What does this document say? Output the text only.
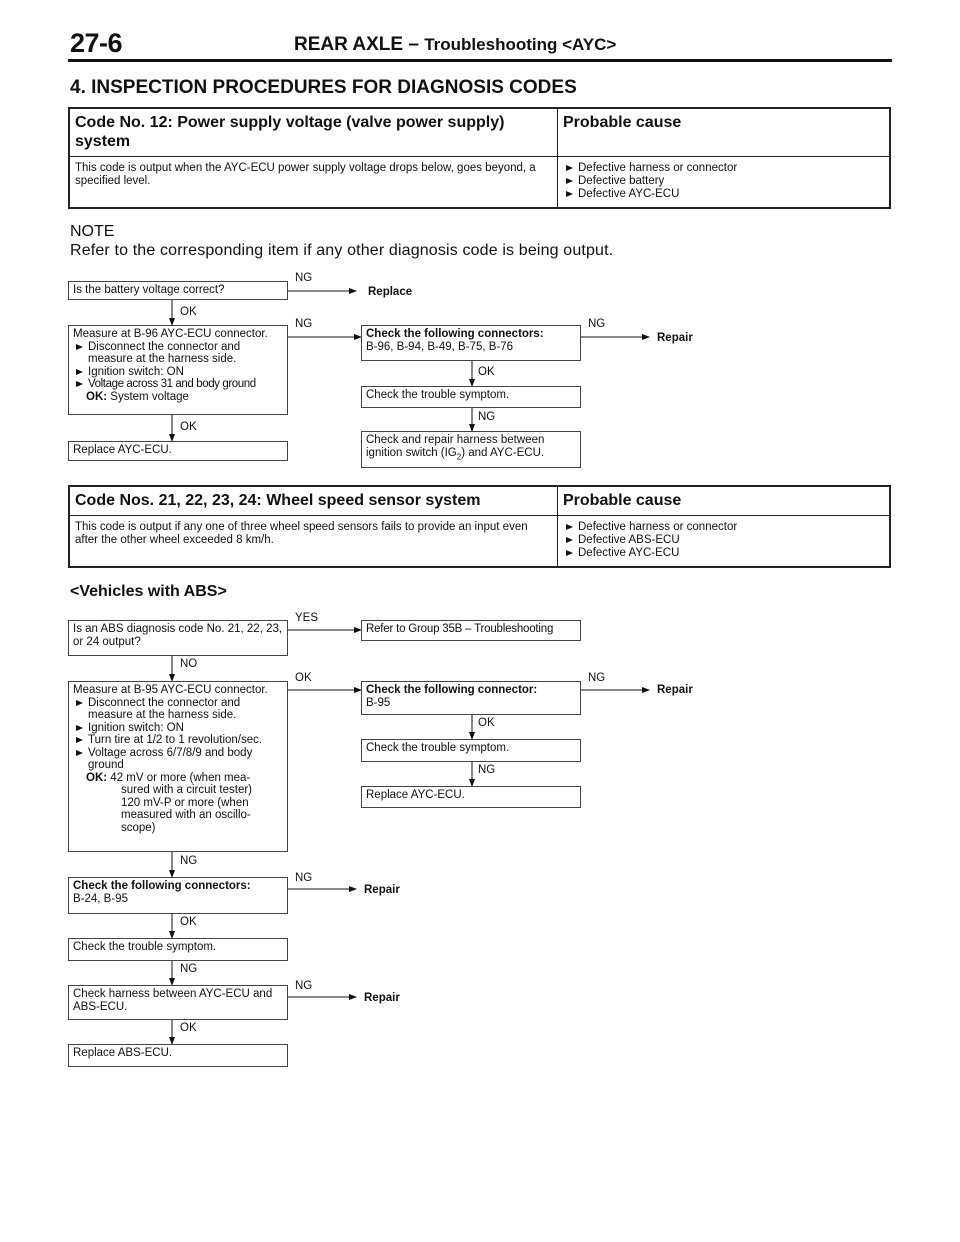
27-6	REAR AXLE – Troubleshooting <AYC>
4. INSPECTION PROCEDURES FOR DIAGNOSIS CODES
Code No. 12: Power supply voltage (valve power supply) system	Probable cause
This code is output when the AYC-ECU power supply voltage drops below, goes beyond, a specified level.	Defective harness or connector
Defective battery
Defective AYC-ECU
NOTE
Refer to the corresponding item if any other diagnosis code is being output.
Is the battery voltage correct?
NG
Replace
OK
Measure at B-96 AYC-ECU connector.
Disconnect the connector and measure at the harness side.
Ignition switch: ON
Voltage across 31 and body ground
OK: System voltage
NG
OK
Replace AYC-ECU.
Check the following connectors:
B-96, B-94, B-49, B-75, B-76
NG
Repair
OK
Check the trouble symptom.
NG
Check and repair harness between ignition switch $(IG_2)$ and AYC-ECU.
Code Nos. 21, 22, 23, 24: Wheel speed sensor system	Probable cause
This code is output if any one of three wheel speed sensors fails to provide an input even after the other wheel exceeded 8 km/h.	Defective harness or connector
Defective ABS-ECU
Defective AYC-ECU
<Vehicles with ABS>
Is an ABS diagnosis code No. 21, 22, 23, or 24 output?
YES
Refer to Group 35B – Troubleshooting
NO
Measure at B-95 AYC-ECU connector.
Disconnect the connector and measure at the harness side.
Ignition switch: ON
Turn tire at 1/2 to 1 revolution/sec.
Voltage across 6/7/8/9 and body ground
OK: 42 mV or more (when mea-
sured with a circuit tester)
120 mV-P or more (when
measured with an oscillo-
scope)
OK
Check the following connector:
B-95
NG
Repair
OK
Check the trouble symptom.
NG
Replace AYC-ECU.
NG
Check the following connectors:
B-24, B-95
NG
Repair
OK
Check the trouble symptom.
NG
Check harness between AYC-ECU and ABS-ECU.
NG
Repair
OK
Replace ABS-ECU.
